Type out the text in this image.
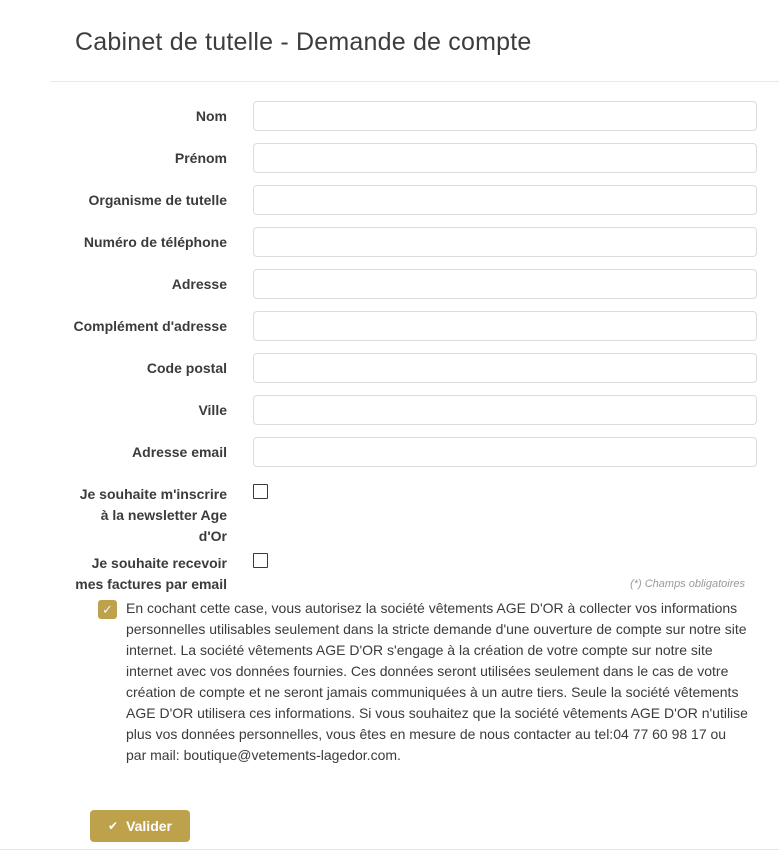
Cabinet de tutelle - Demande de compte
Nom
Prénom
Organisme de tutelle
Numéro de téléphone
Adresse
Complément d'adresse
Code postal
Ville
Adresse email
Je souhaite m'inscrire à la newsletter Age d'Or
Je souhaite recevoir mes factures par email	(*) Champs obligatoires
✓
En cochant cette case, vous autorisez la société vêtements AGE D'OR à collecter vos informations personnelles utilisables seulement dans la stricte demande d'une ouverture de compte sur notre site internet. La société vêtements AGE D'OR s'engage à la création de votre compte sur notre site internet avec vos données fournies. Ces données seront utilisées seulement dans le cas de votre création de compte et ne seront jamais communiquées à un autre tiers. Seule la société vêtements AGE D'OR utilisera ces informations. Si vous souhaitez que la société vêtements AGE D'OR n'utilise plus vos données personnelles, vous êtes en mesure de nous contacter au tel:04 77 60 98 17 ou par mail: boutique@vetements-lagedor.com.
✔ Valider
